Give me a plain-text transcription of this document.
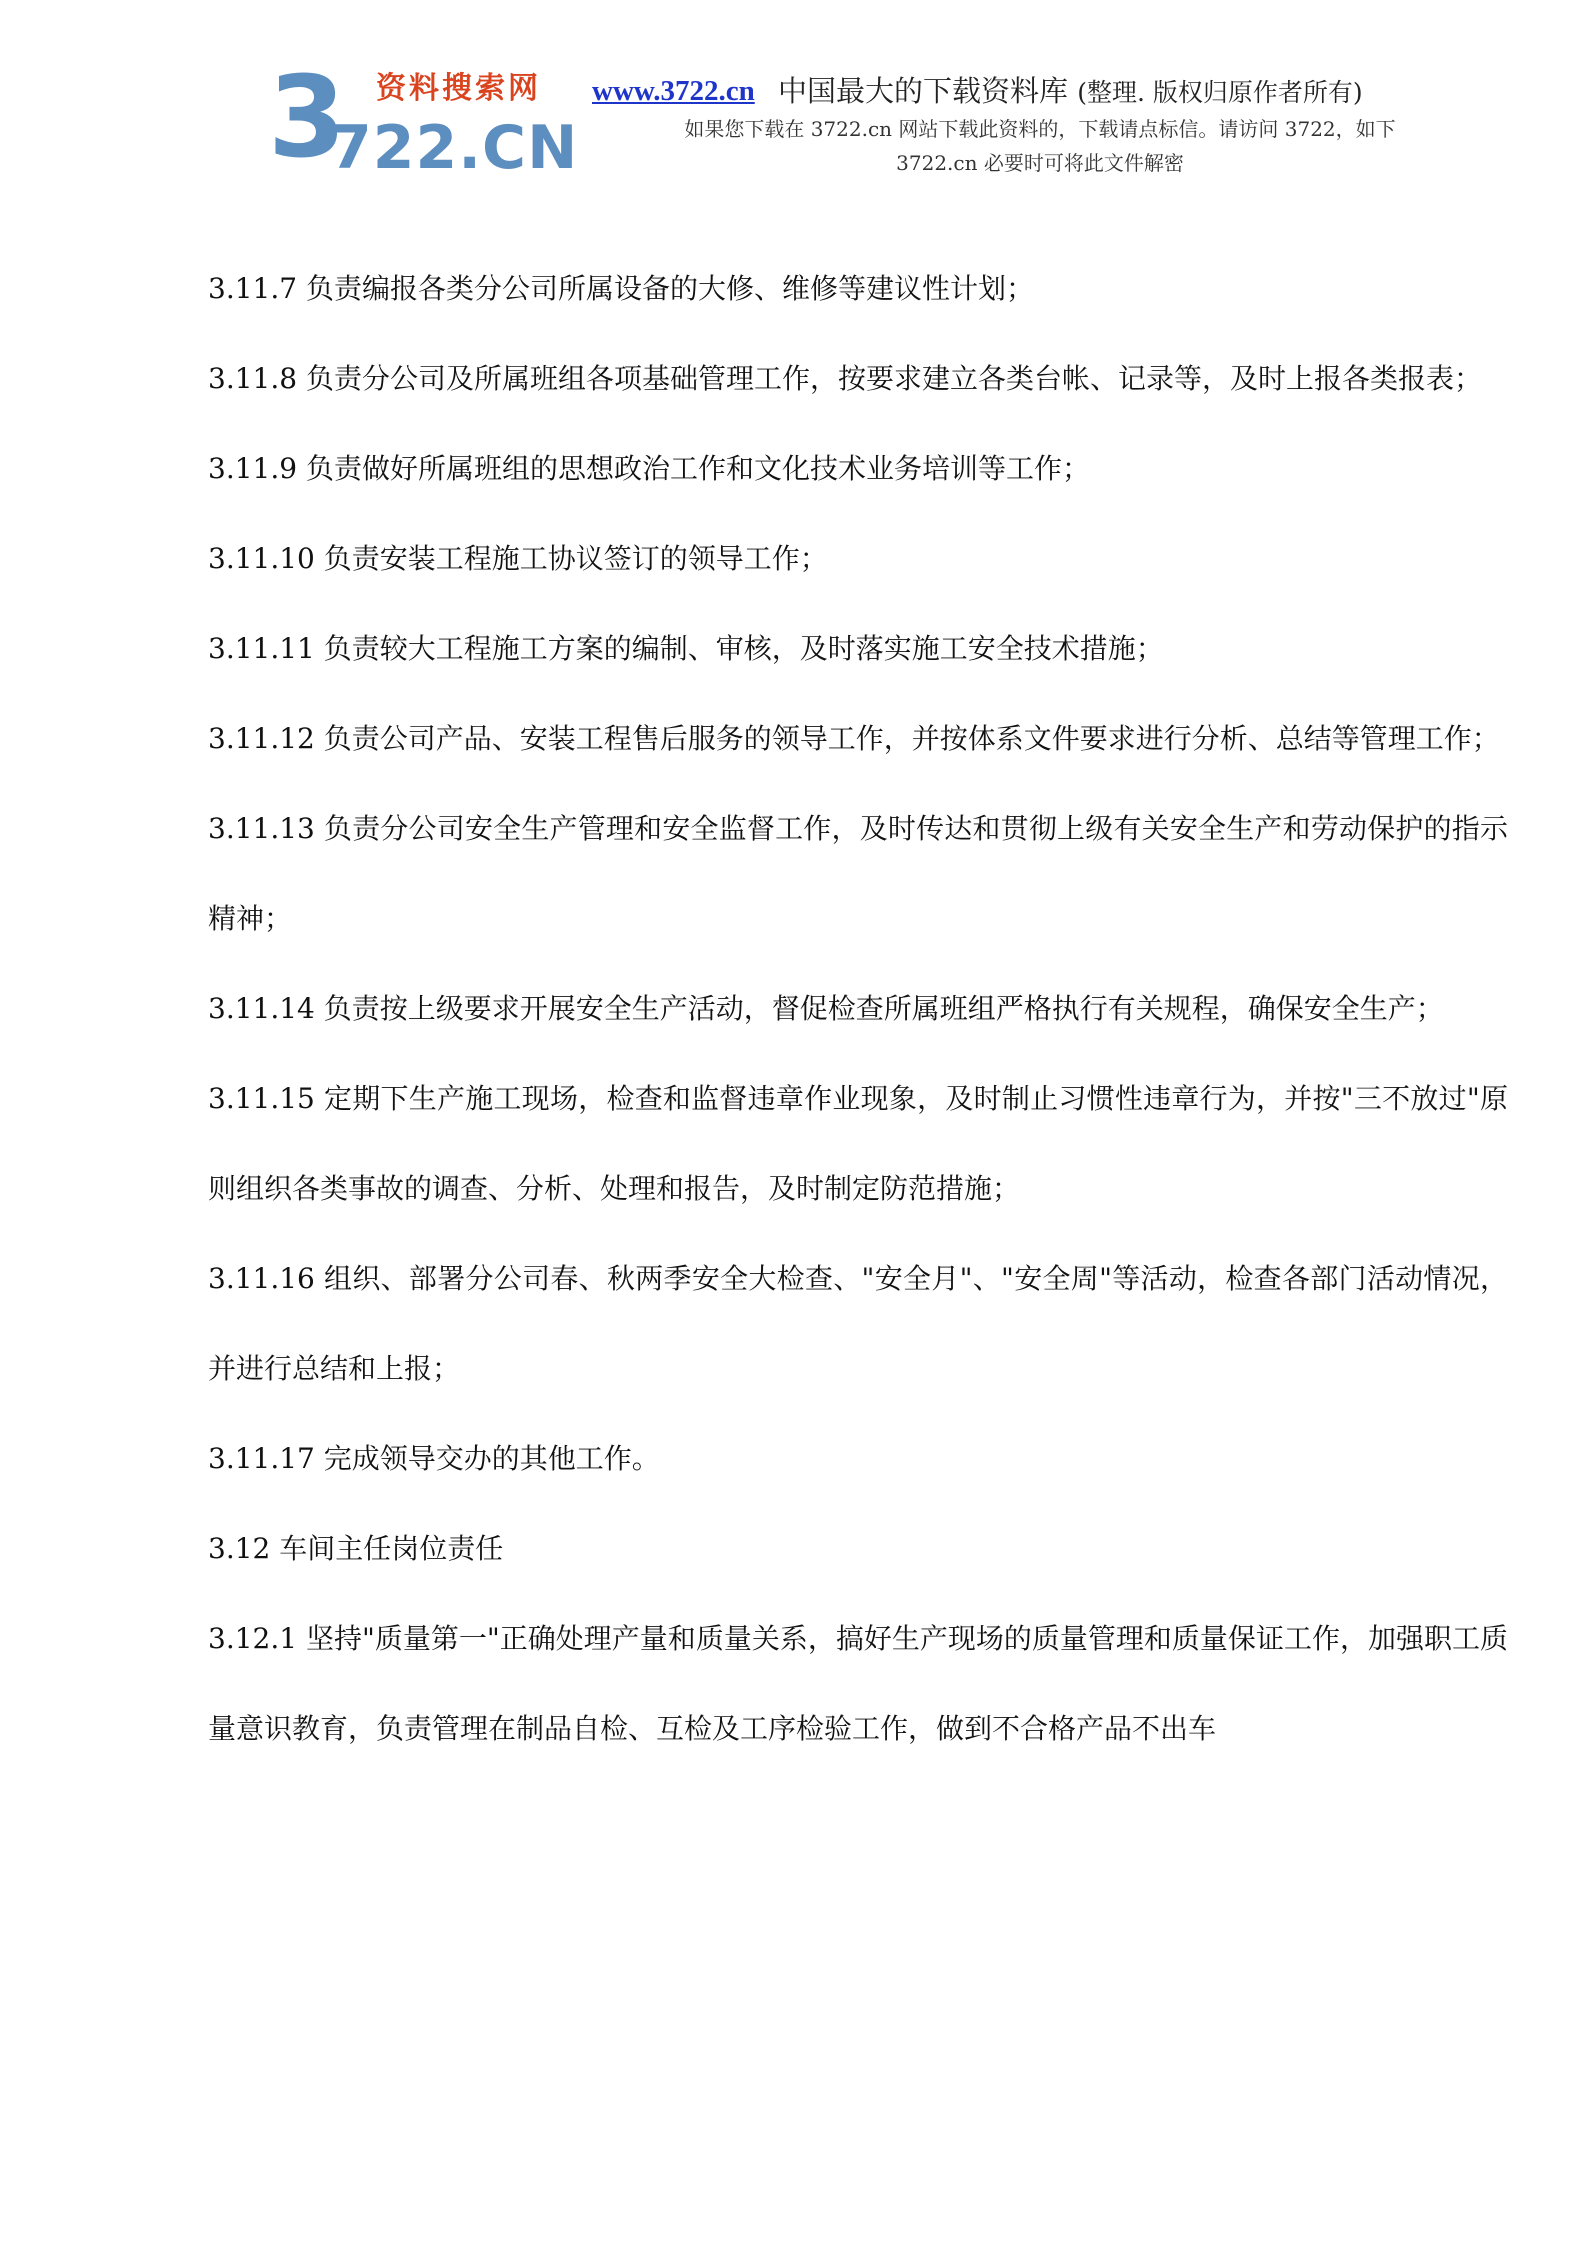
3
722.CN
资料搜索网 www.3722.cn 中国最大的下载资料库 (整理. 版权归原作者所有)
如果您下载在 3722.cn 网站下载此资料的，下载请点标信。请访问 3722，如下
3722.cn 必要时可将此文件解密

3.11.7 负责编报各类分公司所属设备的大修、维修等建议性计划；

3.11.8 负责分公司及所属班组各项基础管理工作，按要求建立各类台帐、记录等，及时上报各类报表；

3.11.9 负责做好所属班组的思想政治工作和文化技术业务培训等工作；

3.11.10 负责安装工程施工协议签订的领导工作；

3.11.11 负责较大工程施工方案的编制、审核，及时落实施工安全技术措施；

3.11.12 负责公司产品、安装工程售后服务的领导工作，并按体系文件要求进行分析、总结等管理工作；

3.11.13 负责分公司安全生产管理和安全监督工作，及时传达和贯彻上级有关安全生产和劳动保护的指示精神；

3.11.14 负责按上级要求开展安全生产活动，督促检查所属班组严格执行有关规程，确保安全生产；

3.11.15 定期下生产施工现场，检查和监督违章作业现象，及时制止习惯性违章行为，并按"三不放过"原则组织各类事故的调查、分析、处理和报告，及时制定防范措施；

3.11.16 组织、部署分公司春、秋两季安全大检查、"安全月"、"安全周"等活动，检查各部门活动情况，并进行总结和上报；

3.11.17 完成领导交办的其他工作。

3.12 车间主任岗位责任

3.12.1 坚持"质量第一"正确处理产量和质量关系，搞好生产现场的质量管理和质量保证工作，加强职工质量意识教育，负责管理在制品自检、互检及工序检验工作，做到不合格产品不出车
